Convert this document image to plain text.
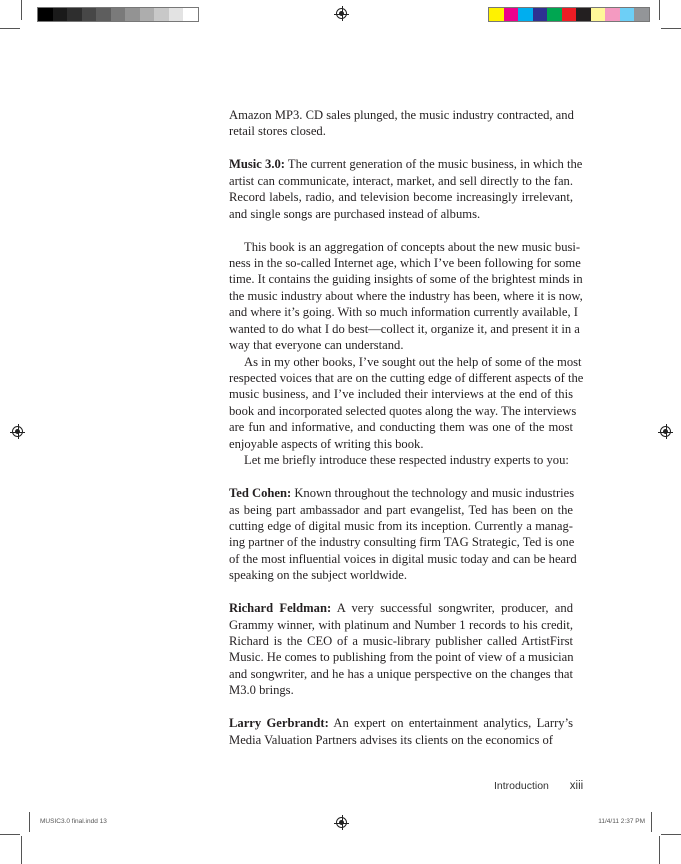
Amazon MP3. CD sales plunged, the music industry contracted, and
retail stores closed.
Music 3.0: The current generation of the music business, in which the
artist can communicate, interact, market, and sell directly to the fan.
Record labels, radio, and television become increasingly irrelevant,
and single songs are purchased instead of albums.
This book is an aggregation of concepts about the new music busi-
ness in the so-called Internet age, which I’ve been following for some
time. It contains the guiding insights of some of the brightest minds in
the music industry about where the industry has been, where it is now,
and where it’s going. With so much information currently available, I
wanted to do what I do best—collect it, organize it, and present it in a
way that everyone can understand.
As in my other books, I’ve sought out the help of some of the most
respected voices that are on the cutting edge of different aspects of the
music business, and I’ve included their interviews at the end of this
book and incorporated selected quotes along the way. The interviews
are fun and informative, and conducting them was one of the most
enjoyable aspects of writing this book.
Let me briefly introduce these respected industry experts to you:
Ted Cohen: Known throughout the technology and music industries
as being part ambassador and part evangelist, Ted has been on the
cutting edge of digital music from its inception. Currently a manag-
ing partner of the industry consulting firm TAG Strategic, Ted is one
of the most influential voices in digital music today and can be heard
speaking on the subject worldwide.
Richard Feldman: A very successful songwriter, producer, and
Grammy winner, with platinum and Number 1 records to his credit,
Richard is the CEO of a music-library publisher called ArtistFirst
Music. He comes to publishing from the point of view of a musician
and songwriter, and he has a unique perspective on the changes that
M3.0 brings.
Larry Gerbrandt: An expert on entertainment analytics, Larry’s
Media Valuation Partners advises its clients on the economics of
Introduction xiii
MUSIC3.0 final.indd 13	11/4/11 2:37 PM
